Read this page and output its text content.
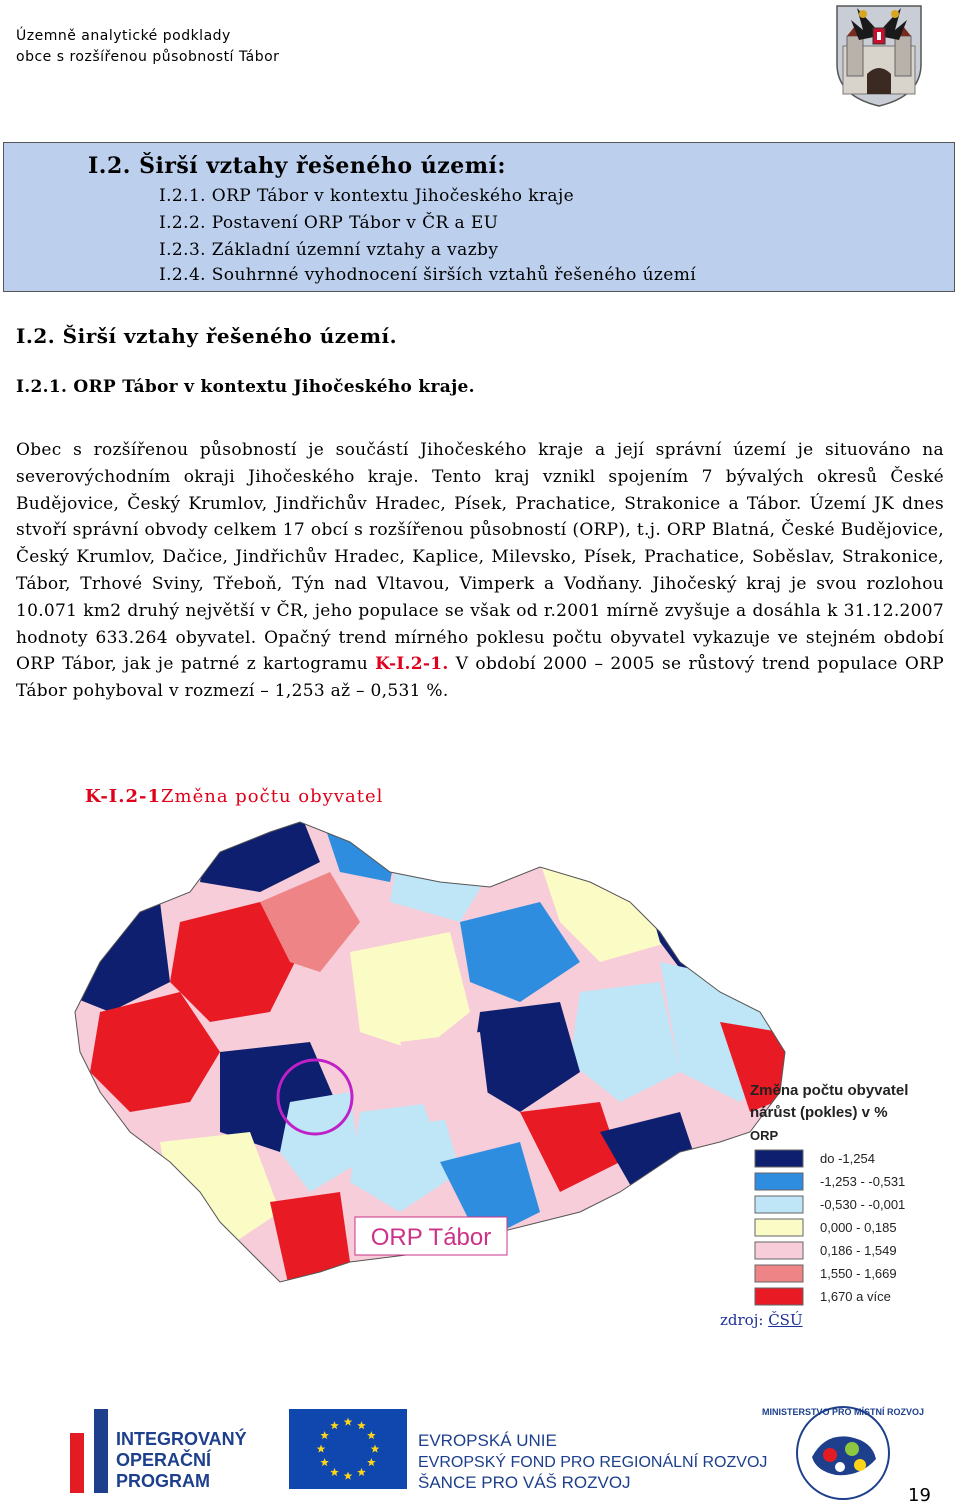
Územně analytické podklady
obce s rozšířenou působností Tábor
I.2. Širší vztahy řešeného území:
I.2.1. ORP Tábor v kontextu Jihočeského kraje
I.2.2. Postavení ORP Tábor v ČR a EU
I.2.3. Základní územní vztahy a vazby
I.2.4. Souhrnné vyhodnocení širších vztahů řešeného území
I.2. Širší vztahy řešeného území.
I.2.1. ORP Tábor v kontextu Jihočeského kraje.
Obec s rozšířenou působností je součástí Jihočeského kraje a její správní území je situováno na severovýchodním okraji Jihočeského kraje. Tento kraj vznikl spojením 7 bývalých okresů České Budějovice, Český Krumlov, Jindřichův Hradec, Písek, Prachatice, Strakonice a Tábor. Území JK dnes stvoří správní obvody celkem 17 obcí s rozšířenou působností (ORP), t.j. ORP Blatná, České Budějovice, Český Krumlov, Dačice, Jindřichův Hradec, Kaplice, Milevsko, Písek, Prachatice, Soběslav, Strakonice, Tábor, Trhové Sviny, Třeboň, Týn nad Vltavou, Vimperk a Vodňany. Jihočeský kraj je svou rozlohou 10.071 km2 druhý největší v ČR, jeho populace se však od r.2001 mírně zvyšuje a dosáhla k 31.12.2007 hodnoty 633.264 obyvatel. Opačný trend mírného poklesu počtu obyvatel vykazuje ve stejném období ORP Tábor, jak je patrné z kartogramu K-I.2-1. V období 2000 – 2005 se růstový trend populace ORP Tábor pohyboval v rozmezí – 1,253 až – 0,531 %.
K-I.2-1Změna počtu obyvatel
ORP Tábor
Změna počtu obyvatel
nárůst (pokles) v %
ORP
do -1,254
-1,253 - -0,531
-0,530 - -0,001
0,000 - 0,185
0,186 - 1,549
1,550 - 1,669
1,670 a více
zdroj: ČSÚ
INTEGROVANÝ
OPERAČNÍ
PROGRAM
EVROPSKÁ UNIE
EVROPSKÝ FOND PRO REGIONÁLNÍ ROZVOJ
ŠANCE PRO VÁŠ ROZVOJ
MINISTERSTVO PRO MÍSTNÍ ROZVOJ
19
